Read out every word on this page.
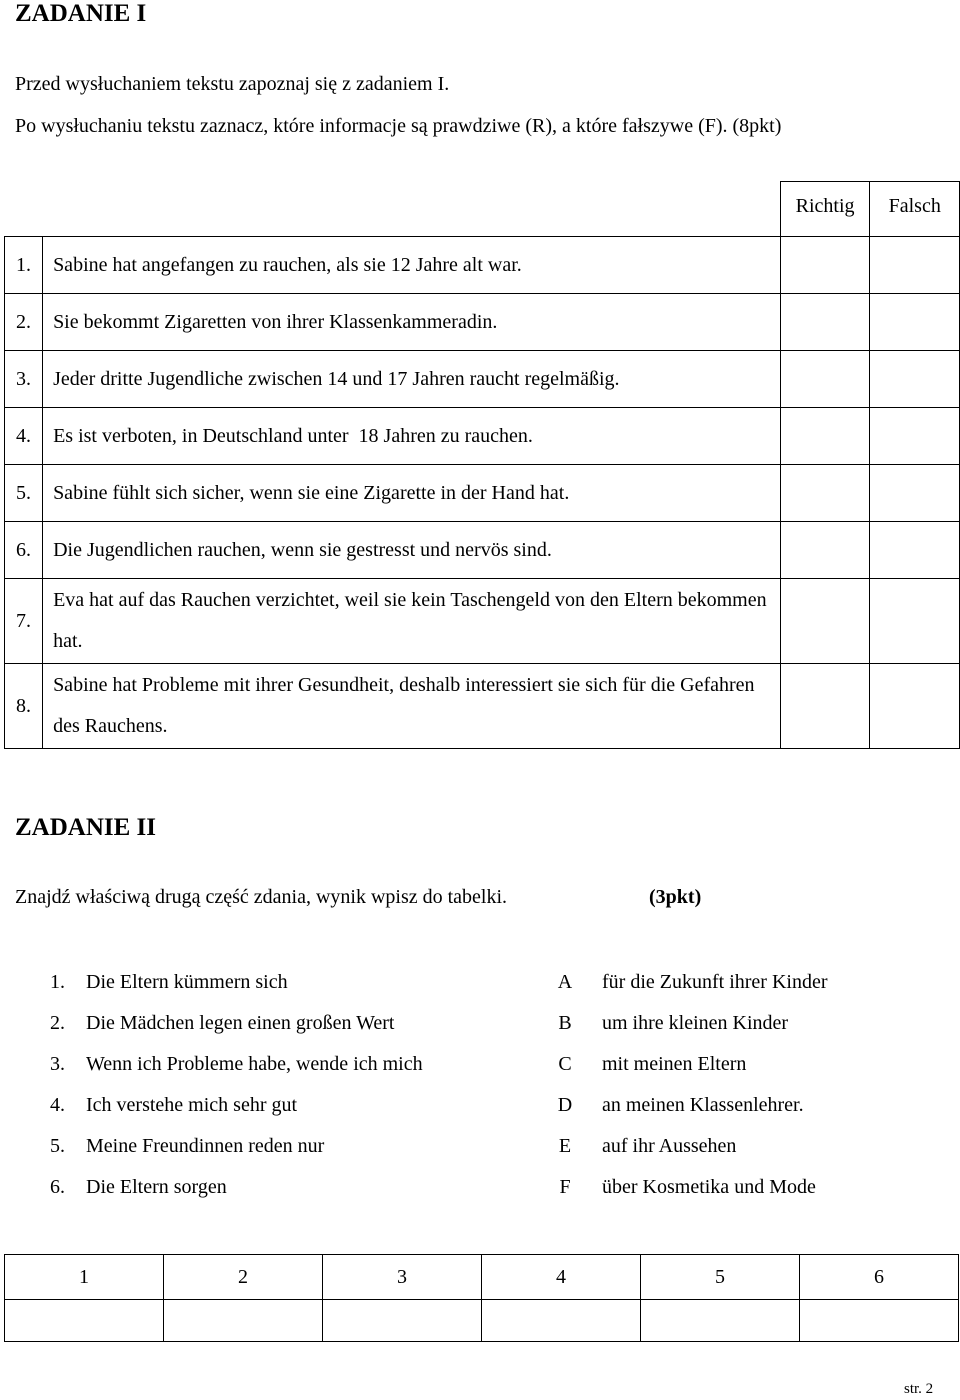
ZADANIE I
Przed wysłuchaniem tekstu zapoznaj się z zadaniem I.
Po wysłuchaniu tekstu zaznacz, które informacje są prawdziwe (R), a które fałszywe (F). (8pkt)
		Richtig	Falsch
1.	Sabine hat angefangen zu rauchen, als sie 12 Jahre alt war.		
2.	Sie bekommt Zigaretten von ihrer Klassenkammeradin.		
3.	Jeder dritte Jugendliche zwischen 14 und 17 Jahren raucht regelmäßig.		
4.	Es ist verboten, in Deutschland unter  18 Jahren zu rauchen.		
5.	Sabine fühlt sich sicher, wenn sie eine Zigarette in der Hand hat.		
6.	Die Jugendlichen rauchen, wenn sie gestresst und nervös sind.		
7.	Eva hat auf das Rauchen verzichtet, weil sie kein Taschengeld von den Eltern bekommen hat.		
8.	Sabine hat Probleme mit ihrer Gesundheit, deshalb interessiert sie sich für die Gefahren des Rauchens.		
ZADANIE II
Znajdź właściwą drugą część zdania, wynik wpisz do tabelki.	(3pkt)
1. Die Eltern kümmern sich	A	für die Zukunft ihrer Kinder
2. Die Mädchen legen einen großen Wert	B	um ihre kleinen Kinder
3. Wenn ich Probleme habe, wende ich mich	C	mit meinen Eltern
4. Ich verstehe mich sehr gut	D	an meinen Klassenlehrer.
5. Meine Freundinnen reden nur	E	auf ihr Aussehen
6. Die Eltern sorgen	F	über Kosmetika und Mode
1	2	3	4	5	6

str. 2
